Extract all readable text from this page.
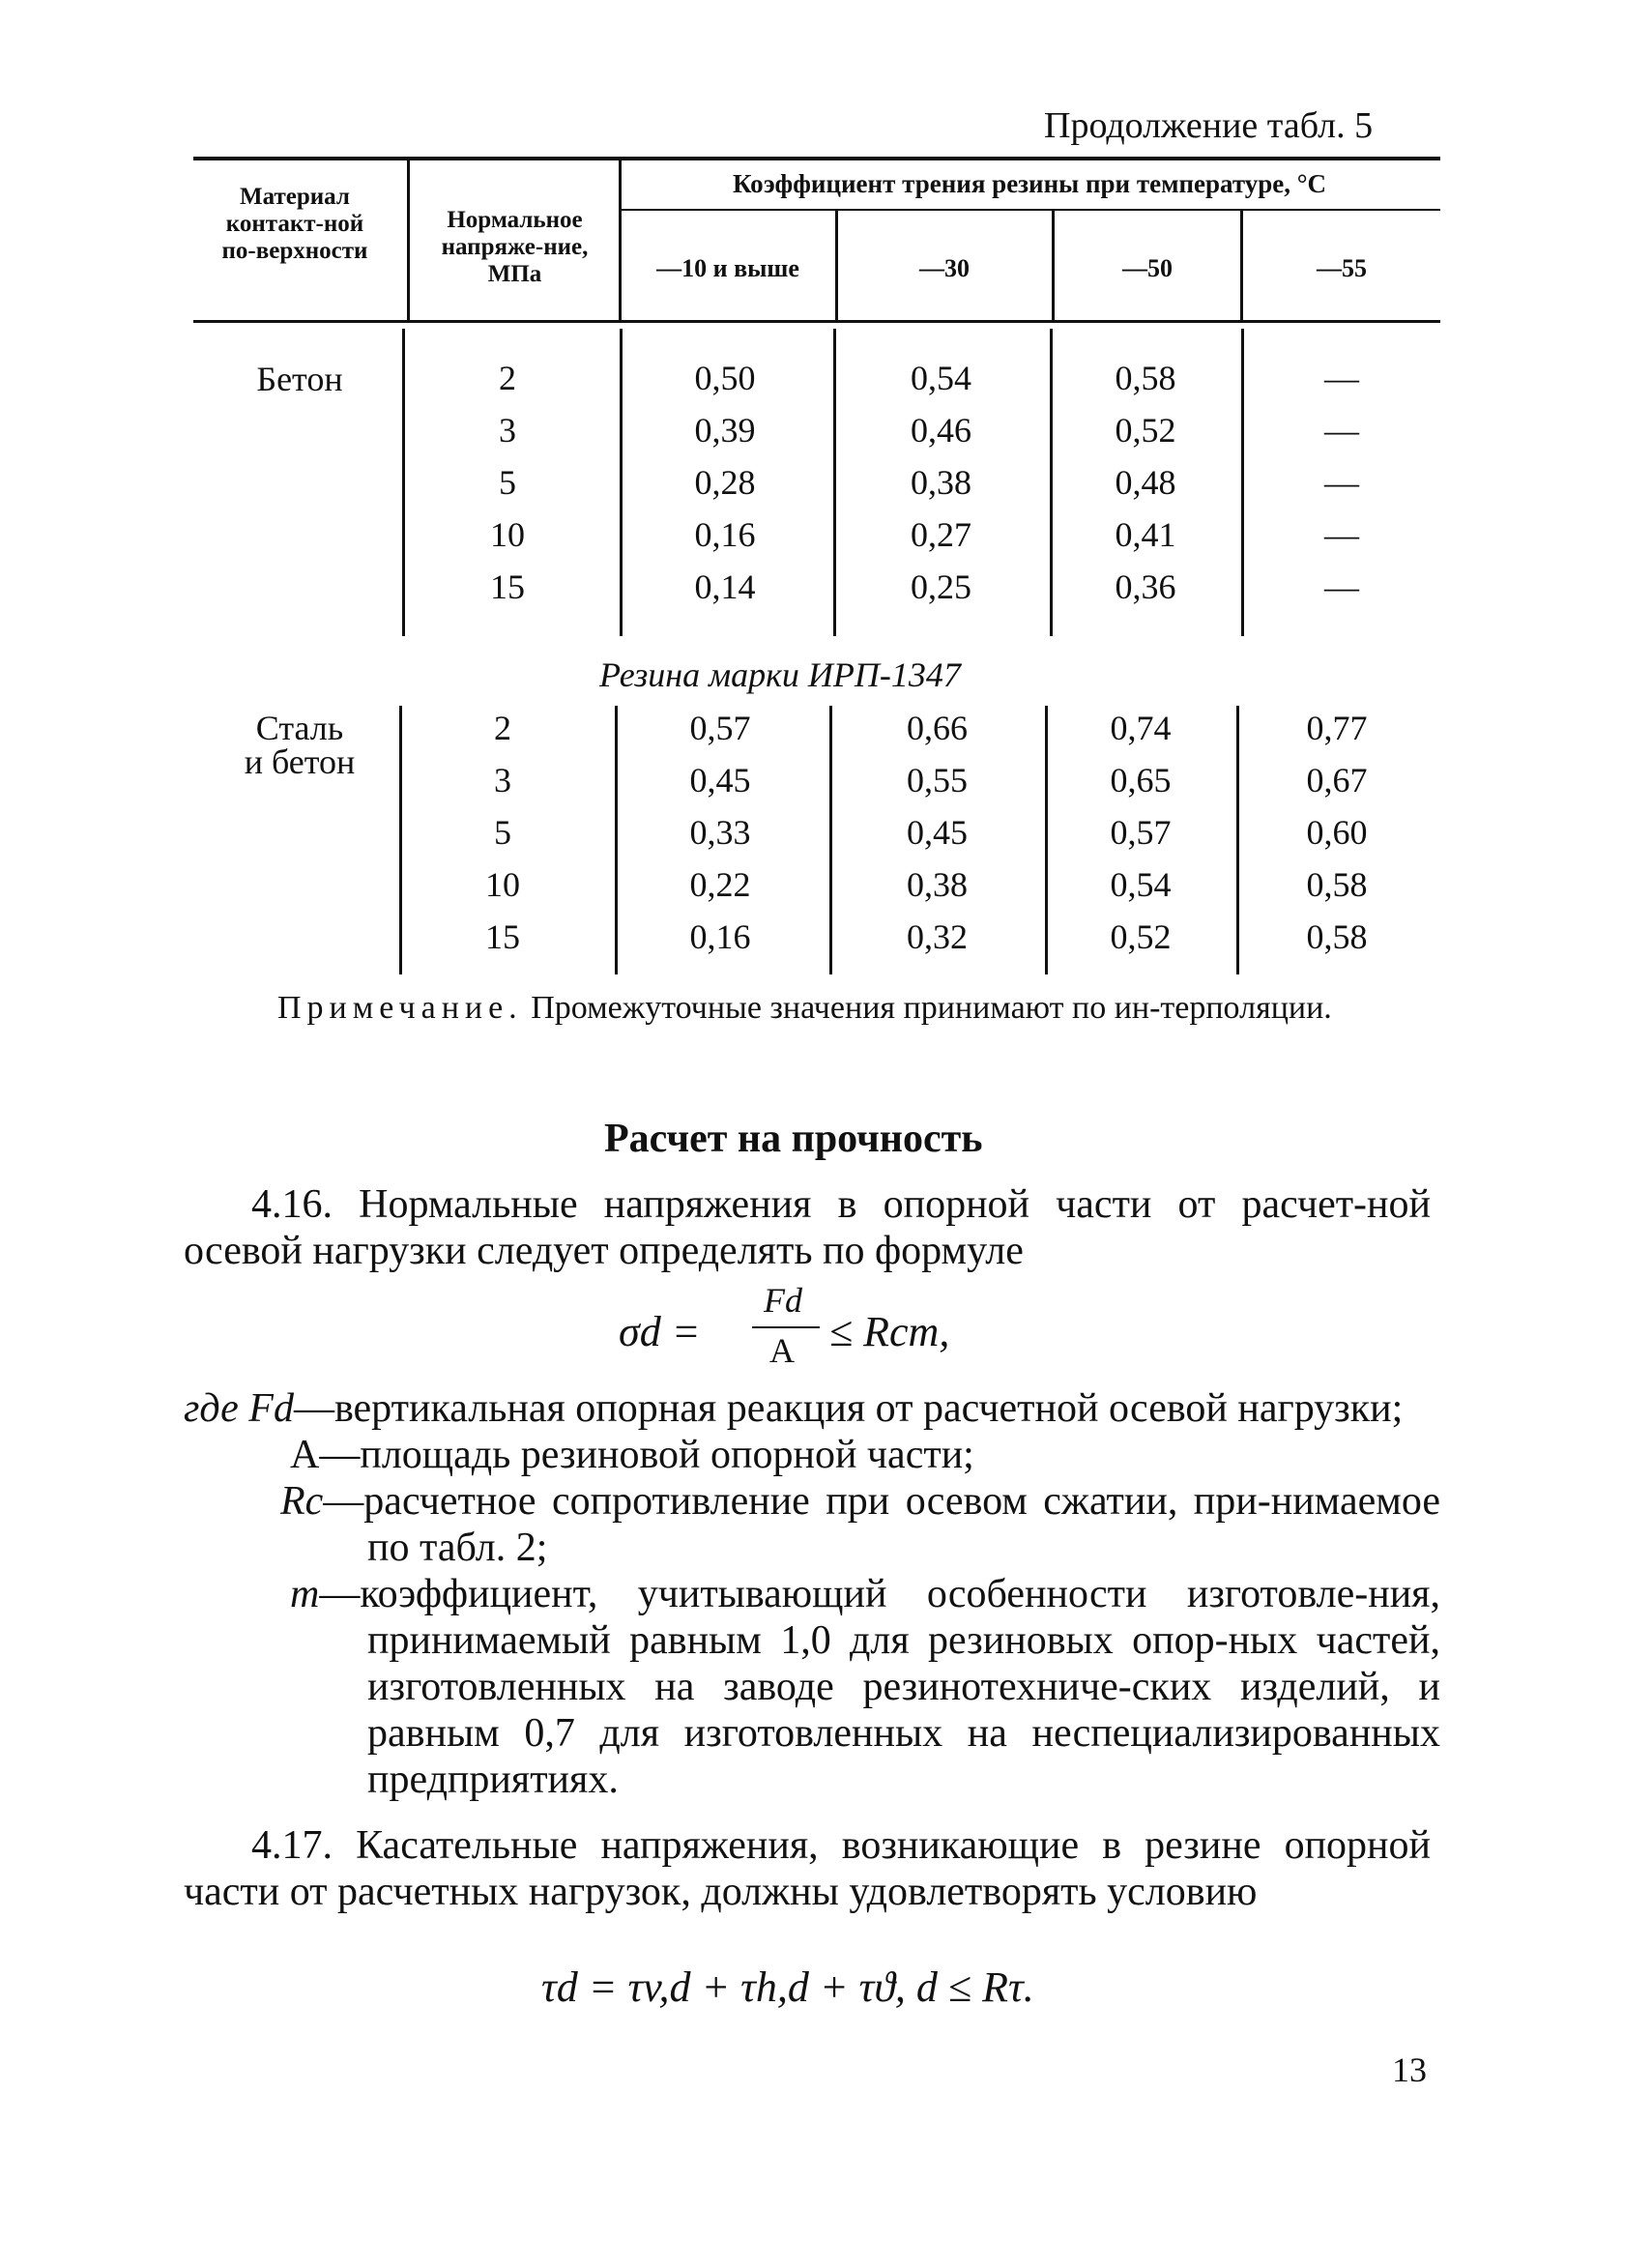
Продолжение табл. 5
Материал контакт-ной по-верхности
Нормальное напряже-ние, МПа
Коэффициент трения резины при температуре, °С
—10 и выше	—30	—50	—55
Бетон	2	0,50	0,54	0,58	—
3	0,39	0,46	0,52	—
5	0,28	0,38	0,48	—
10	0,16	0,27	0,41	—
15	0,14	0,25	0,36	—
Резина марки ИРП-1347
Сталь
и бетон
2	0,57	0,66	0,74	0,77
3	0,45	0,55	0,65	0,67
5	0,33	0,45	0,57	0,60
10	0,22	0,38	0,54	0,58
15	0,16	0,32	0,52	0,58
Примечание. Промежуточные значения принимают по ин-терполяции.
Расчет на прочность
4.16. Нормальные напряжения в опорной части от расчет-ной осевой нагрузки следует определять по формуле
σd =
Fd
A ≤ Rcm,
где Fd—вертикальная опорная реакция от расчетной осевой нагрузки;
A—площадь резиновой опорной части;
Rc—расчетное сопротивление при осевом сжатии, при-нимаемое по табл. 2;
m—коэффициент, учитывающий особенности изготовле-ния, принимаемый равным 1,0 для резиновых опор-ных частей, изготовленных на заводе резинотехниче-ских изделий, и равным 0,7 для изготовленных на неспециализированных предприятиях.
4.17. Касательные напряжения, возникающие в резине опорной части от расчетных нагрузок, должны удовлетворять условию
τd = τv,d + τh,d + τϑ, d ≤ Rτ.
13
